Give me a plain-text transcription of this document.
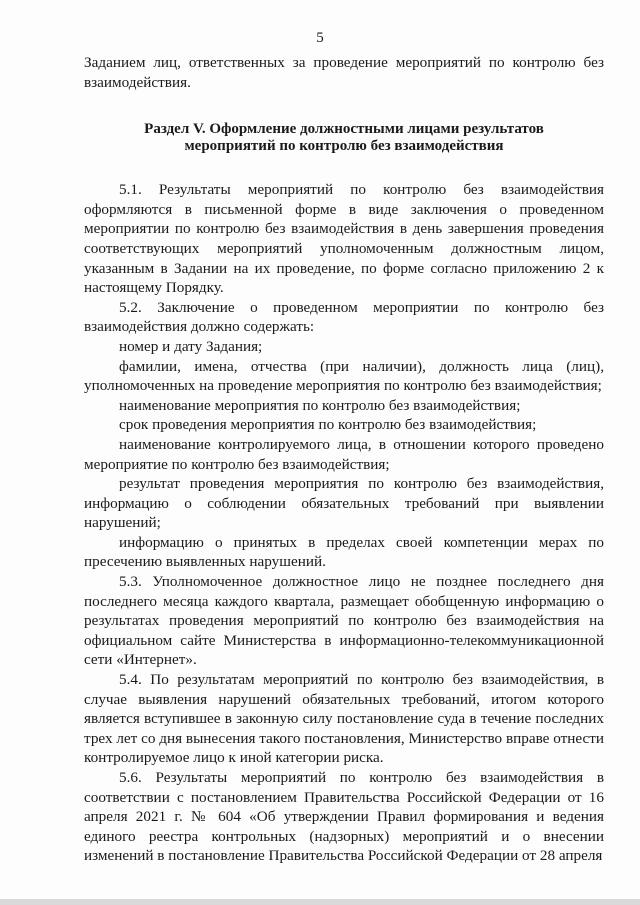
5

Заданием лиц, ответственных за проведение мероприятий по контролю без взаимодействия.

Раздел V. Оформление должностными лицами результатов
мероприятий по контролю без взаимодействия

5.1. Результаты мероприятий по контролю без взаимодействия оформляются в письменной форме в виде заключения о проведенном мероприятии по контролю без взаимодействия в день завершения проведения соответствующих мероприятий уполномоченным должностным лицом, указанным в Задании на их проведение, по форме согласно приложению 2 к настоящему Порядку.

5.2. Заключение о проведенном мероприятии по контролю без взаимодействия должно содержать:

номер и дату Задания;

фамилии, имена, отчества (при наличии), должность лица (лиц), уполномоченных на проведение мероприятия по контролю без взаимодействия;

наименование мероприятия по контролю без взаимодействия;

срок проведения мероприятия по контролю без взаимодействия;

наименование контролируемого лица, в отношении которого проведено мероприятие по контролю без взаимодействия;

результат проведения мероприятия по контролю без взаимодействия, информацию о соблюдении обязательных требований при выявлении нарушений;

информацию о принятых в пределах своей компетенции мерах по пресечению выявленных нарушений.

5.3. Уполномоченное должностное лицо не позднее последнего дня последнего месяца каждого квартала, размещает обобщенную информацию о результатах проведения мероприятий по контролю без взаимодействия на официальном сайте Министерства в информационно-телекоммуникационной сети «Интернет».

5.4. По результатам мероприятий по контролю без взаимодействия, в случае выявления нарушений обязательных требований, итогом которого является вступившее в законную силу постановление суда в течение последних трех лет со дня вынесения такого постановления, Министерство вправе отнести контролируемое лицо к иной категории риска.

5.6. Результаты мероприятий по контролю без взаимодействия в соответствии с постановлением Правительства Российской Федерации от 16 апреля 2021 г. № 604 «Об утверждении Правил формирования и ведения единого реестра контрольных (надзорных) мероприятий и о внесении изменений в постановление Правительства Российской Федерации от 28 апреля
